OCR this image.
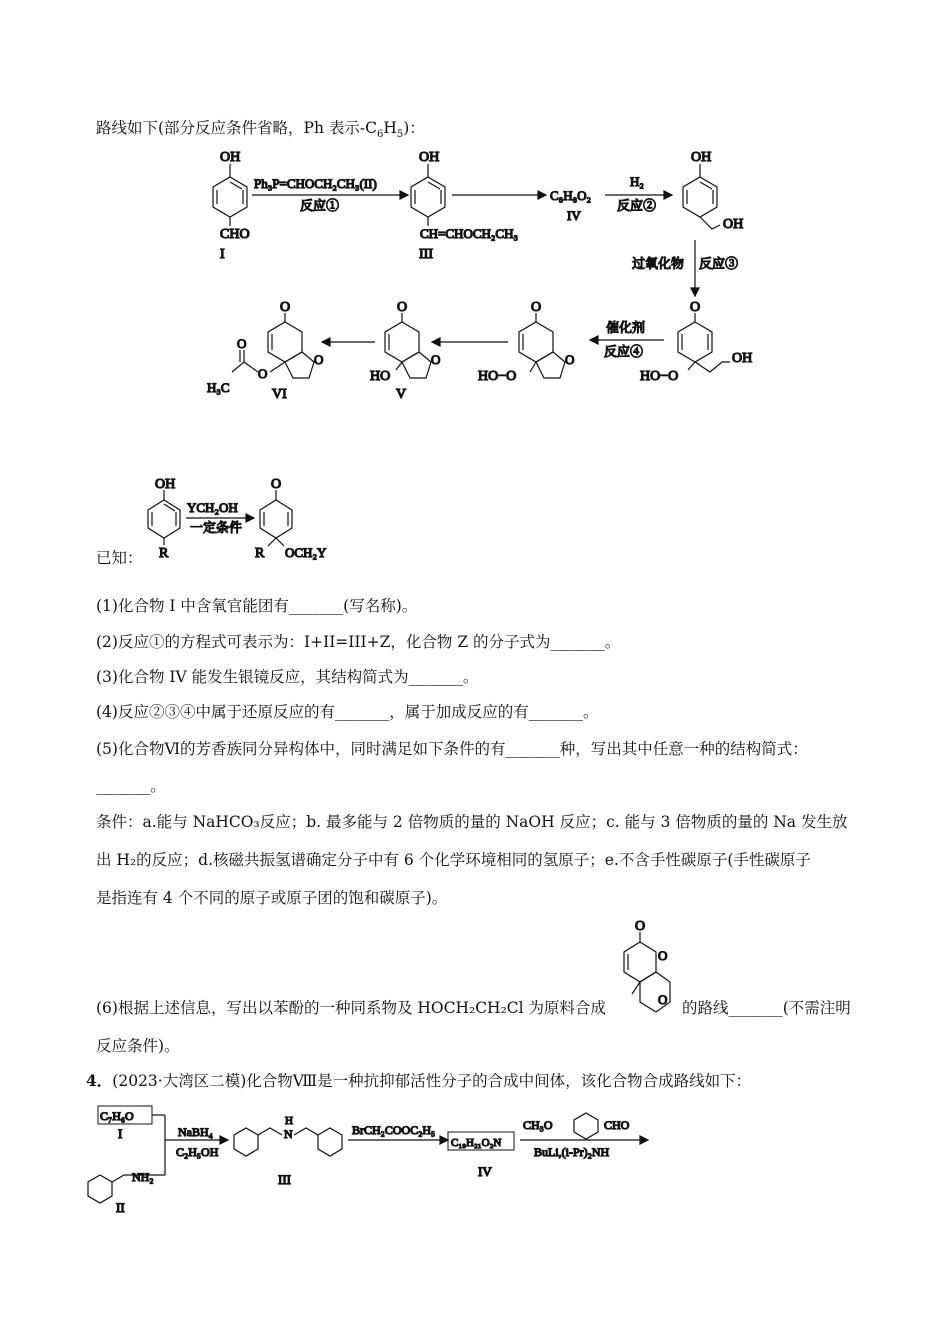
路线如下(部分反应条件省略，Ph 表示$-C_6H_5$)：
OH
CHO
I
Ph₃P=CHOCH₂CH₃(II)
反应①
OH
CH=CHOCH₂CH₃
III
C₈H₈O₂
IV
H₂
反应②
OH
OH
过氧化物 反应③
O
OH
HO−O
催化剂
反应④
O
O
HO−O
O
O
HO
V
O
O
O
O
H₃C	VI
OH
R
YCH₂OH
一定条件
O
R OCH₂Y
O
O
O
C₇H₆O
I	NaBH₄
C₂H₅OH
N
H
III
BrCH₂COOC₂H₅
C₁₈H₂₁O₂N
IV
CH₃O	CHO
BuLi,(i-Pr)₂NH
NH₂
II
已知：
(1)化合物 I 中含氧官能团有_______(写名称)。
(2)反应①的方程式可表示为：I+II=III+Z，化合物 Z 的分子式为_______。
(3)化合物 IV 能发生银镜反应，其结构简式为_______。
(4)反应②③④中属于还原反应的有_______，属于加成反应的有_______。
(5)化合物Ⅵ的芳香族同分异构体中，同时满足如下条件的有_______种，写出其中任意一种的结构简式：
_______。
条件：a.能与 NaHCO₃反应；b. 最多能与 2 倍物质的量的 NaOH 反应；c. 能与 3 倍物质的量的 Na 发生放
出 H₂的反应；d.核磁共振氢谱确定分子中有 6 个化学环境相同的氢原子；e.不含手性碳原子(手性碳原子
是指连有 4 个不同的原子或原子团的饱和碳原子)。
(6)根据上述信息，写出以苯酚的一种同系物及 HOCH₂CH₂Cl 为原料合成	的路线_______(不需注明
反应条件)。
4．(2023·大湾区二模)化合物Ⅷ是一种抗抑郁活性分子的合成中间体，该化合物合成路线如下：
